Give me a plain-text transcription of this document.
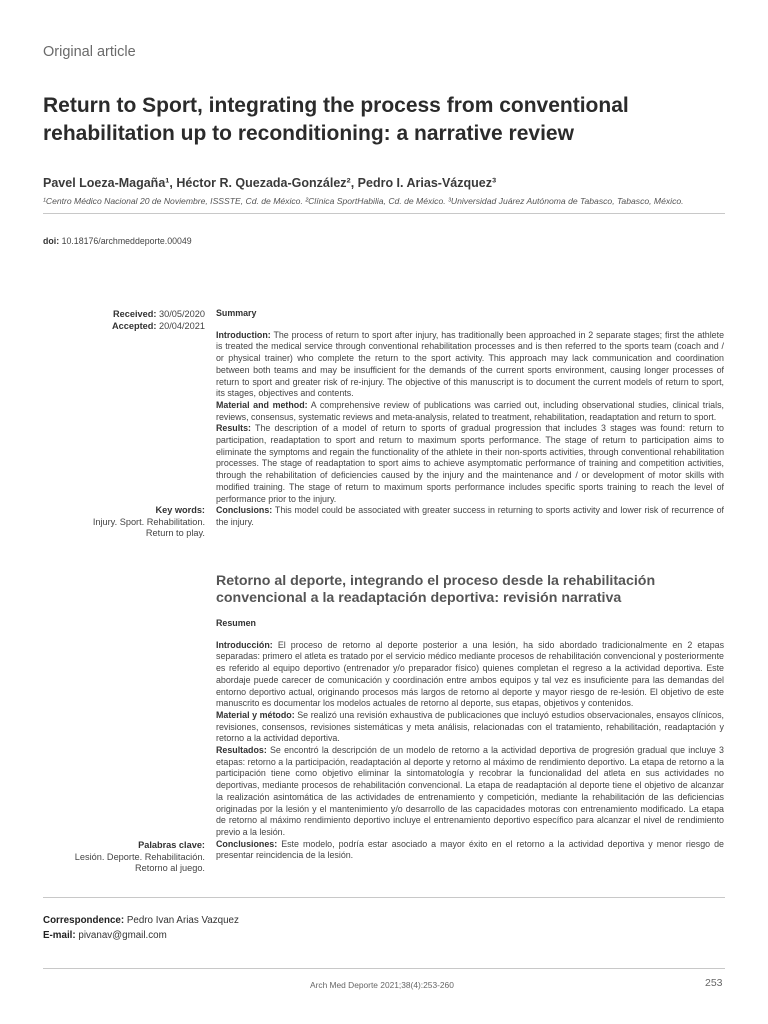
Original article
Return to Sport, integrating the process from conventional rehabilitation up to reconditioning: a narrative review
Pavel Loeza-Magaña¹, Héctor R. Quezada-González², Pedro I. Arias-Vázquez³
¹Centro Médico Nacional 20 de Noviembre, ISSSTE, Cd. de México. ²Clínica SportHabilia, Cd. de México. ³Universidad Juárez Autónoma de Tabasco, Tabasco, México.
doi: 10.18176/archmeddeporte.00049
Received: 30/05/2020
Accepted: 20/04/2021

Summary

Introduction: The process of return to sport after injury, has traditionally been approached in 2 separate stages; first the athlete is treated the medical service through conventional rehabilitation processes and is then referred to the sports team (coach and / or physical trainer) who complete the return to the sport activity. This approach may lack communication and coordination between both teams and may be insufficient for the demands of the current sports environment, causing longer processes of return to sport and greater risk of re-injury. The objective of this manuscript is to document the current models of return to sport, its stages, objectives and contents.

Material and method: A comprehensive review of publications was carried out, including observational studies, clinical trials, reviews, consensus, systematic reviews and meta-analysis, related to treatment, rehabilitation, readaptation and return to sport.

Results: The description of a model of return to sports of gradual progression that includes 3 stages was found: return to participation, readaptation to sport and return to maximum sports performance. The stage of return to participation aims to eliminate the symptoms and regain the functionality of the athlete in their non-sports activities, through conventional rehabilitation processes. The stage of readaptation to sport aims to achieve asymptomatic performance of training and competition activities, through the rehabilitation of deficiencies caused by the injury and the maintenance and / or development of motor skills with modified training. The stage of return to maximum sports performance includes specific sports training to reach the level of performance prior to the injury.

Conclusions: This model could be associated with greater success in returning to sports activity and lower risk of recurrence of the injury.

Key words:
Injury. Sport. Rehabilitation.
Return to play.
Retorno al deporte, integrando el proceso desde la rehabilitación convencional a la readaptación deportiva: revisión narrativa

Resumen

Introducción: El proceso de retorno al deporte posterior a una lesión, ha sido abordado tradicionalmente en 2 etapas separadas: primero el atleta es tratado por el servicio médico mediante procesos de rehabilitación convencional y posteriormente es referido al equipo deportivo (entrenador y/o preparador físico) quienes completan el regreso a la actividad deportiva. Este abordaje puede carecer de comunicación y coordinación entre ambos equipos y tal vez es insuficiente para las demandas del entorno deportivo actual, originando procesos más largos de retorno al deporte y mayor riesgo de re-lesión. El objetivo de este manuscrito es documentar los modelos actuales de retorno al deporte, sus etapas, objetivos y contenidos.

Material y método: Se realizó una revisión exhaustiva de publicaciones que incluyó estudios observacionales, ensayos clínicos, revisiones, consensos, revisiones sistemáticas y meta análisis, relacionadas con el tratamiento, rehabilitación, readaptación y retorno a la actividad deportiva.

Resultados: Se encontró la descripción de un modelo de retorno a la actividad deportiva de progresión gradual que incluye 3 etapas: retorno a la participación, readaptación al deporte y retorno al máximo de rendimiento deportivo. La etapa de retorno a la participación tiene como objetivo eliminar la sintomatología y recobrar la funcionalidad del atleta en sus actividades no deportivas, mediante procesos de rehabilitación convencional. La etapa de readaptación al deporte tiene el objetivo de alcanzar la realización asintomática de las actividades de entrenamiento y competición, mediante la rehabilitación de las deficiencias originadas por la lesión y el mantenimiento y/o desarrollo de las capacidades motoras con entrenamiento modificado. La etapa de retorno al máximo rendimiento deportivo incluye el entrenamiento deportivo específico para alcanzar el nivel de rendimiento previo a la lesión.

Conclusiones: Este modelo, podría estar asociado a mayor éxito en el retorno a la actividad deportiva y menor riesgo de presentar reincidencia de la lesión.

Palabras clave:
Lesión. Deporte. Rehabilitación.
Retorno al juego.
Correspondence: Pedro Ivan Arias Vazquez
E-mail: pivanav@gmail.com
Arch Med Deporte 2021;38(4):253-260	253
